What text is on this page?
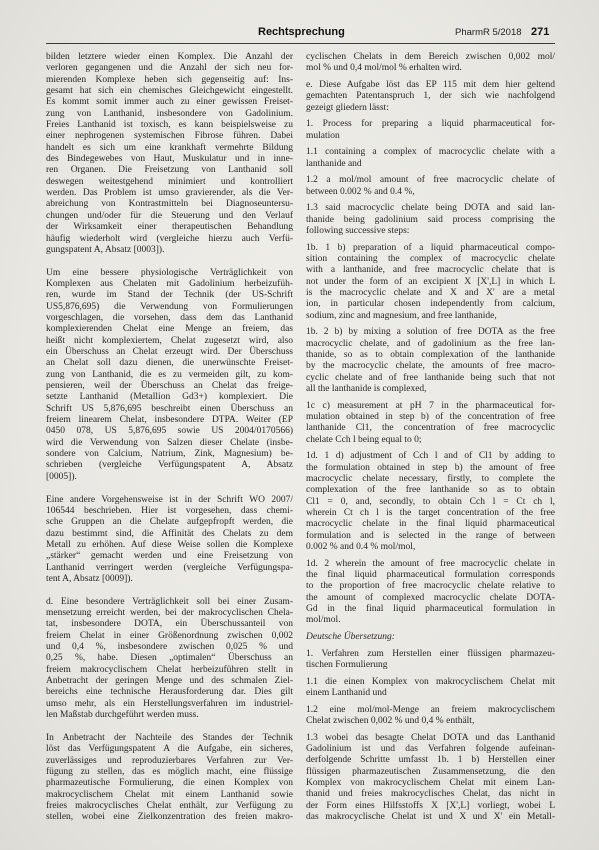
Rechtsprechung	PharmR 5/2018 271
bilden letztere wieder einen Komplex. Die Anzahl der
verloren gegangenen und die Anzahl der sich neu for-
mierenden Komplexe heben sich gegenseitig auf: Ins-
gesamt hat sich ein chemisches Gleichgewicht eingestellt.
Es kommt somit immer auch zu einer gewissen Freiset-
zung von Lanthanid, insbesondere von Gadolinium.
Freies Lanthanid ist toxisch, es kann beispielsweise zu
einer nephrogenen systemischen Fibrose führen. Dabei
handelt es sich um eine krankhaft vermehrte Bildung
des Bindegewebes von Haut, Muskulatur und in inne-
ren Organen. Die Freisetzung von Lanthanid soll
deswegen weitestgehend minimiert und kontrolliert
werden. Das Problem ist umso gravierender, als die Ver-
abreichung von Kontrastmitteln bei Diagnoseuntersu-
chungen und/oder für die Steuerung und den Verlauf
der Wirksamkeit einer therapeutischen Behandlung
häufig wiederholt wird (vergleiche hierzu auch Verfü-
gungspatent A, Absatz [0003]).
Um eine bessere physiologische Verträglichkeit von
Komplexen aus Chelaten mit Gadolinium herbeizufüh-
ren, wurde im Stand der Technik (der US-Schrift
US5,876,695) die Verwendung von Formulierungen
vorgeschlagen, die vorsehen, dass dem das Lanthanid
komplexierenden Chelat eine Menge an freiem, das
heißt nicht komplexiertem, Chelat zugesetzt wird, also
ein Überschuss an Chelat erzeugt wird. Der Überschuss
an Chelat soll dazu dienen, die unerwünschte Freiset-
zung von Lanthanid, die es zu vermeiden gilt, zu kom-
pensieren, weil der Überschuss an Chelat das freige-
setzte Lanthanid (Metallion Gd3+) komplexiert. Die
Schrift US 5,876,695 beschreibt einen Überschuss an
freiem linearem Chelat, insbesondere DTPA. Weiter (EP
0450 078, US 5,876,695 sowie US 2004/0170566)
wird die Verwendung von Salzen dieser Chelate (insbe-
sondere von Calcium, Natrium, Zink, Magnesium) be-
schrieben (vergleiche Verfügungspatent A, Absatz
[0005]).
Eine andere Vorgehensweise ist in der Schrift WO 2007/
106544 beschrieben. Hier ist vorgesehen, dass chemi-
sche Gruppen an die Chelate aufgepfropft werden, die
dazu bestimmt sind, die Affinität des Chelats zu dem
Metall zu erhöhen. Auf diese Weise sollen die Komplexe
„stärker“ gemacht werden und eine Freisetzung von
Lanthanid verringert werden (vergleiche Verfügungspa-
tent A, Absatz [0009]).
d. Eine besondere Verträglichkeit soll bei einer Zusam-
mensetzung erreicht werden, bei der makrocyclischen Chela-
tat, insbesondere DOTA, ein Überschussanteil von
freiem Chelat in einer Größenordnung zwischen 0,002
und 0,4 %, insbesondere zwischen 0,025 % und
0,25 %, habe. Diesen „optimalen“ Überschuss an
freiem makrocyclischem Chelat herbeizuführen stellt in
Anbetracht der geringen Menge und des schmalen Ziel-
bereichs eine technische Herausforderung dar. Dies gilt
umso mehr, als ein Herstellungsverfahren im industriel-
len Maßstab durchgeführt werden muss.
In Anbetracht der Nachteile des Standes der Technik
löst das Verfügungspatent A die Aufgabe, ein sicheres,
zuverlässiges und reproduzierbares Verfahren zur Ver-
fügung zu stellen, das es möglich macht, eine flüssige
pharmazeutische Formulierung, die einen Komplex von
makrocyclischem Chelat mit einem Lanthanid sowie
freies makrocyclisches Chelat enthält, zur Verfügung zu
stellen, wobei eine Zielkonzentration des freien makro-
cyclischen Chelats in dem Bereich zwischen 0,002 mol/
mol % und 0,4 mol/mol % erhalten wird.
e. Diese Aufgabe löst das EP 115 mit dem hier geltend
gemachten Patentanspruch 1, der sich wie nachfolgend
gezeigt gliedern lässt:
1. Process for preparing a liquid pharmaceutical for-
mulation
1.1 containing a complex of macrocyclic chelate with a
lanthanide and
1.2 a mol/mol amount of free macrocyclic chelate of
between 0.002 % and 0.4 %,
1.3 said macrocyclic chelate being DOTA and said lan-
thanide being gadolinium said process comprising the
following successive steps:
1b. 1 b) preparation of a liquid pharmaceutical compo-
sition containing the complex of macrocyclic chelate
with a lanthanide, and free macrocyclic chelate that is
not under the form of an excipient X [X',L] in which L
is the macrocyclic chelate and X and X' are a metal
ion, in particular chosen independently from calcium,
sodium, zinc and magnesium, and free lanthanide,
1b. 2 b) by mixing a solution of free DOTA as the free
macrocyclic chelate, and of gadolinium as the free lan-
thanide, so as to obtain complexation of the lanthanide
by the macrocyclic chelate, the amounts of free macro-
cyclic chelate and of free lanthanide being such that not
all the lanthanide is complexed,
1c c) measurement at pH 7 in the pharmaceutical for-
mulation obtained in step b) of the concentration of free
lanthanide Cl1, the concentration of free macrocyclic
chelate Cch l being equal to 0;
1d. 1 d) adjustment of Cch l and of Cl1 by adding to
the formulation obtained in step b) the amount of free
macrocyclic chelate necessary, firstly, to complete the
complexation of the free lanthanide so as to obtain
Cl1 = 0, and, secondly, to obtain Cch l = Ct ch l,
wherein Ct ch l is the target concentration of the free
macrocyclic chelate in the final liquid pharmaceutical
formulation and is selected in the range of between
0.002 % and 0.4 % mol/mol,
1d. 2 wherein the amount of free macrocyclic chelate in
the final liquid pharmaceutical formulation corresponds
to the proportion of free macrocyclic chelate relative to
the amount of complexed macrocyclic chelate DOTA-
Gd in the final liquid pharmaceutical formulation in
mol/mol.
Deutsche Übersetzung:
1. Verfahren zum Herstellen einer flüssigen pharmazeu-
tischen Formulierung
1.1 die einen Komplex von makrocyclischem Chelat mit
einem Lanthanid und
1.2 eine mol/mol-Menge an freiem makrocyclischem
Chelat zwischen 0,002 % und 0,4 % enthält,
1.3 wobei das besagte Chelat DOTA und das Lanthanid
Gadolinium ist und das Verfahren folgende aufeinan-
derfolgende Schritte umfasst 1b. 1 b) Herstellen einer
flüssigen pharmazeutischen Zusammensetzung, die den
Komplex von makrocyclischem Chelat mit einem Lan-
thanid und freies makrocyclisches Chelat, das nicht in
der Form eines Hilfsstoffs X [X',L] vorliegt, wobei L
das makrocyclische Chelat ist und X und X' ein Metall-
